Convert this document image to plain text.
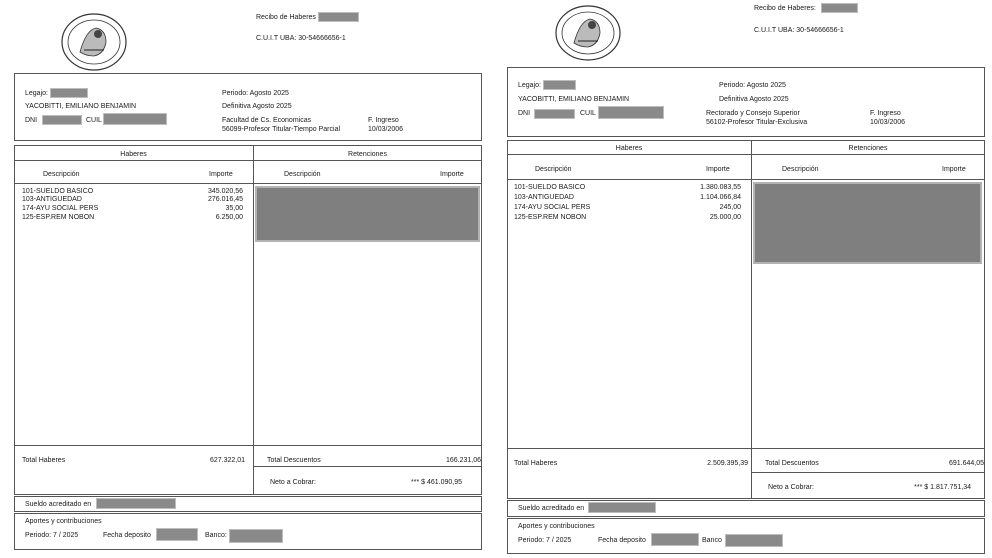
Recibo de Haberes
C.U.I.T UBA: 30-54666656-1
Legajo:
YACOBITTI, EMILIANO BENJAMIN
DNI	CUIL
Periodo: Agosto 2025
Definitiva Agosto 2025
Facultad de Cs. Economicas
56099-Profesor Titular-Tiempo Parcial
F. Ingreso
10/03/2006
Haberes	Retenciones
Descripción	Importe	Descripción	Importe
101-SUELDO BASICO	345.020,56
103-ANTIGUEDAD	276.016,45
174-AYU SOCIAL PERS	35,00
125-ESP.REM NOBON	6.250,00
Total Haberes	627.322,01	Total Descuentos	166.231,06
Neto a Cobrar:	*** $ 461.090,95
Sueldo acreditado en
Aportes y contribuciones
Periodo: 7 / 2025	Fecha deposito	Banco:
Recibo de Haberes:
C.U.I.T UBA: 30-54666656-1
Legajo:
YACOBITTI, EMILIANO BENJAMIN
DNI	CUIL
Periodo: Agosto 2025
Definitiva Agosto 2025
Rectorado y Consejo Superior
56102-Profesor Titular-Exclusiva
F. Ingreso
10/03/2006
Haberes	Retenciones
Descripción	Importe	Descripción	Importe
101-SUELDO BASICO	1.380.083,55
103-ANTIGUEDAD	1.104.066,84
174-AYU SOCIAL PERS	245,00
125-ESP.REM NOBON	25.000,00
Total Haberes	2.509.395,39 Total Descuentos	691.644,05
Neto a Cobrar:	*** $ 1.817.751,34
Sueldo acreditado en
Aportes y contribuciones
Periodo: 7 / 2025	Fecha deposito	Banco
